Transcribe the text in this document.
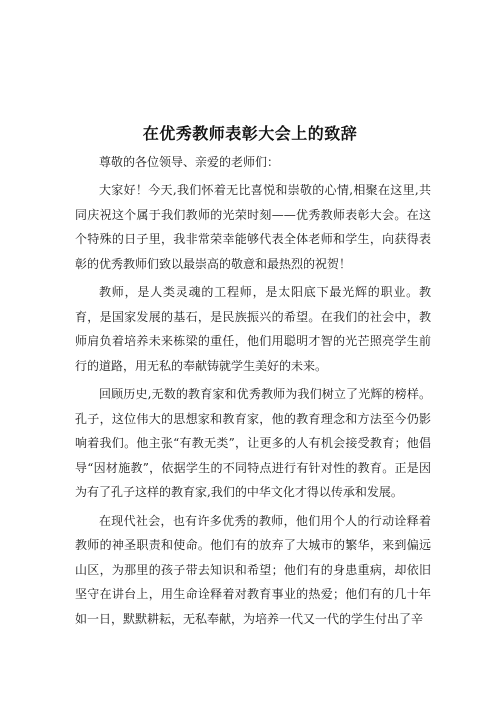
在优秀教师表彰大会上的致辞

尊敬的各位领导、亲爱的老师们：

大家好！今天,我们怀着无比喜悦和崇敬的心情,相聚在这里,共同庆祝这个属于我们教师的光荣时刻——优秀教师表彰大会。在这个特殊的日子里，我非常荣幸能够代表全体老师和学生，向获得表彰的优秀教师们致以最崇高的敬意和最热烈的祝贺！

教师，是人类灵魂的工程师，是太阳底下最光辉的职业。教育，是国家发展的基石，是民族振兴的希望。在我们的社会中，教师肩负着培养未来栋梁的重任，他们用聪明才智的光芒照亮学生前行的道路，用无私的奉献铸就学生美好的未来。

回顾历史,无数的教育家和优秀教师为我们树立了光辉的榜样。孔子，这位伟大的思想家和教育家，他的教育理念和方法至今仍影响着我们。他主张“有教无类”，让更多的人有机会接受教育；他倡导“因材施教”，依据学生的不同特点进行有针对性的教育。正是因为有了孔子这样的教育家,我们的中华文化才得以传承和发展。

在现代社会，也有许多优秀的教师，他们用个人的行动诠释着教师的神圣职责和使命。他们有的放弃了大城市的繁华，来到偏远山区，为那里的孩子带去知识和希望；他们有的身患重病，却依旧坚守在讲台上，用生命诠释着对教育事业的热爱；他们有的几十年如一日，默默耕耘，无私奉献，为培养一代又一代的学生付出了辛
